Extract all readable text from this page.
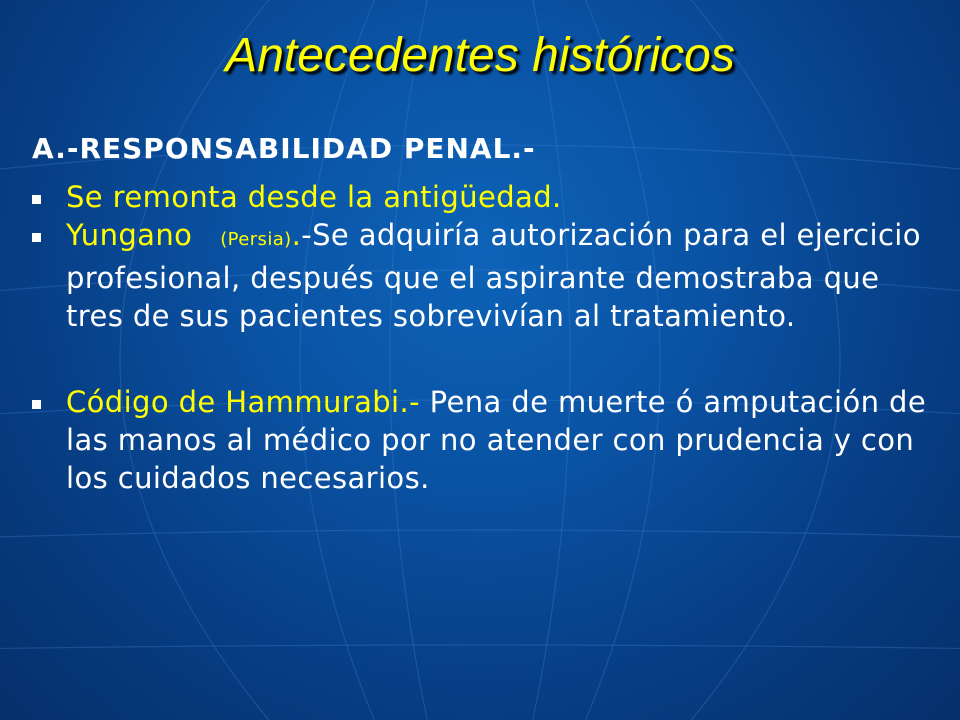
Antecedentes históricos
A.-RESPONSABILIDAD PENAL.-
Se remonta desde la antigüedad.
Yungano (Persia).-Se adquiría autorización para el ejercicio profesional, después que el aspirante demostraba que tres de sus pacientes sobrevivían al tratamiento.
Código de Hammurabi.- Pena de muerte ó amputación de las manos al médico por no atender con prudencia y con los cuidados necesarios.
